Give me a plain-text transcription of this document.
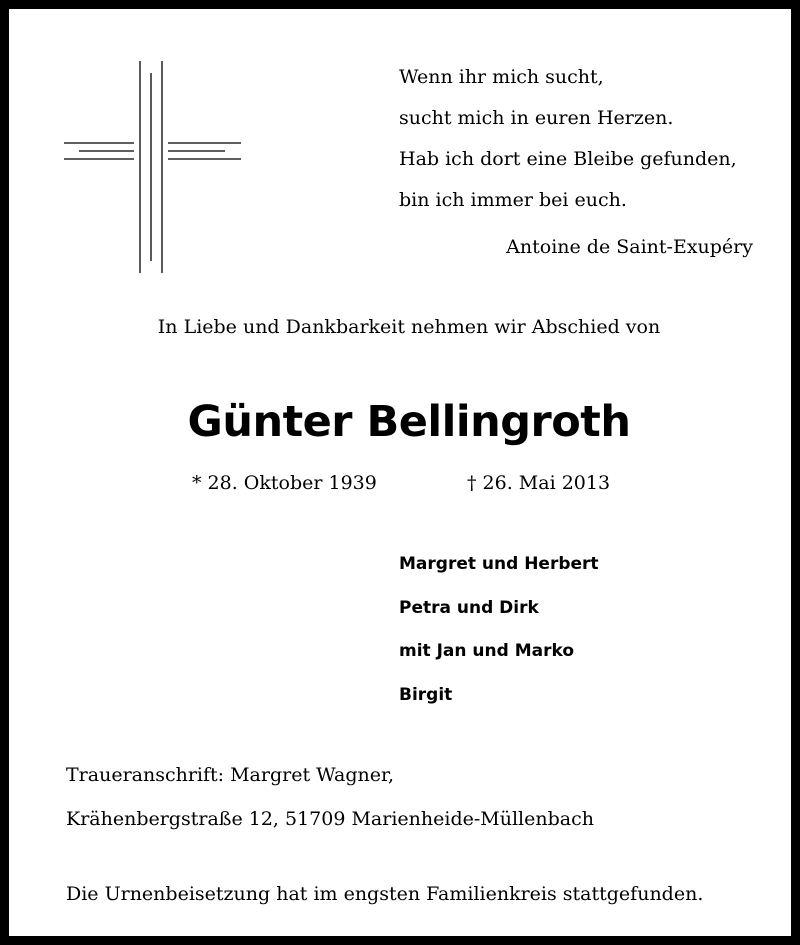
Wenn ihr mich sucht,
sucht mich in euren Herzen.
Hab ich dort eine Bleibe gefunden,
bin ich immer bei euch.
Antoine de Saint-Exupéry
In Liebe und Dankbarkeit nehmen wir Abschied von
Günter Bellingroth
* 28. Oktober 1939	† 26. Mai 2013
Margret und Herbert
Petra und Dirk
mit Jan und Marko
Birgit
Traueranschrift: Margret Wagner,
Krähenbergstraße 12, 51709 Marienheide-Müllenbach
Die Urnenbeisetzung hat im engsten Familienkreis stattgefunden.
